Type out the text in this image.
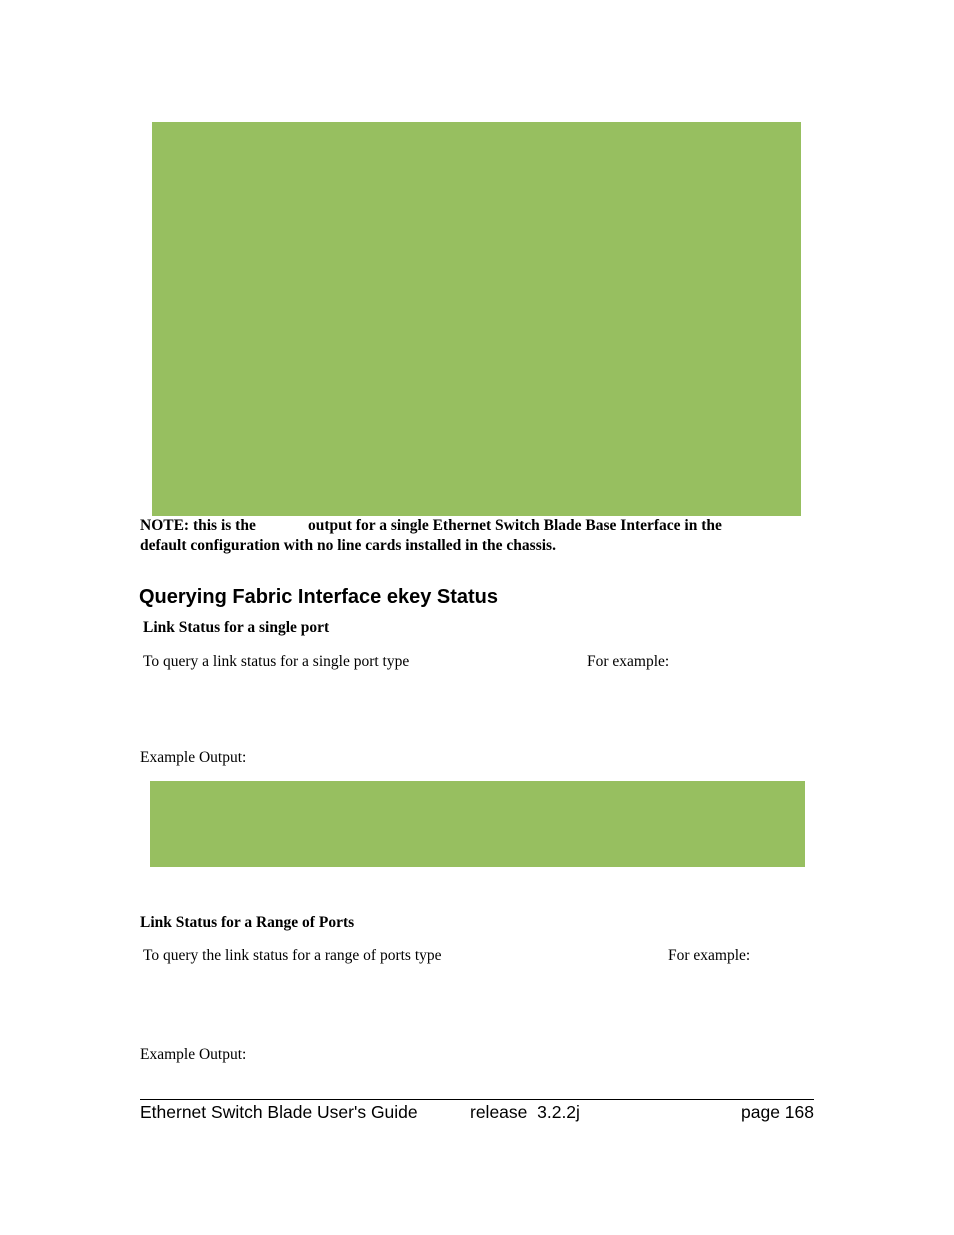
NOTE: this is the	output for a single Ethernet Switch Blade Base Interface in the
default configuration with no line cards installed in the chassis.
Querying Fabric Interface ekey Status
Link Status for a single port
To query a link status for a single port type	For example:
Example Output:
Link Status for a Range of Ports
To query the link status for a range of ports type	For example:
Example Output:
Ethernet Switch Blade User's Guide	release  3.2.2j	page 168
